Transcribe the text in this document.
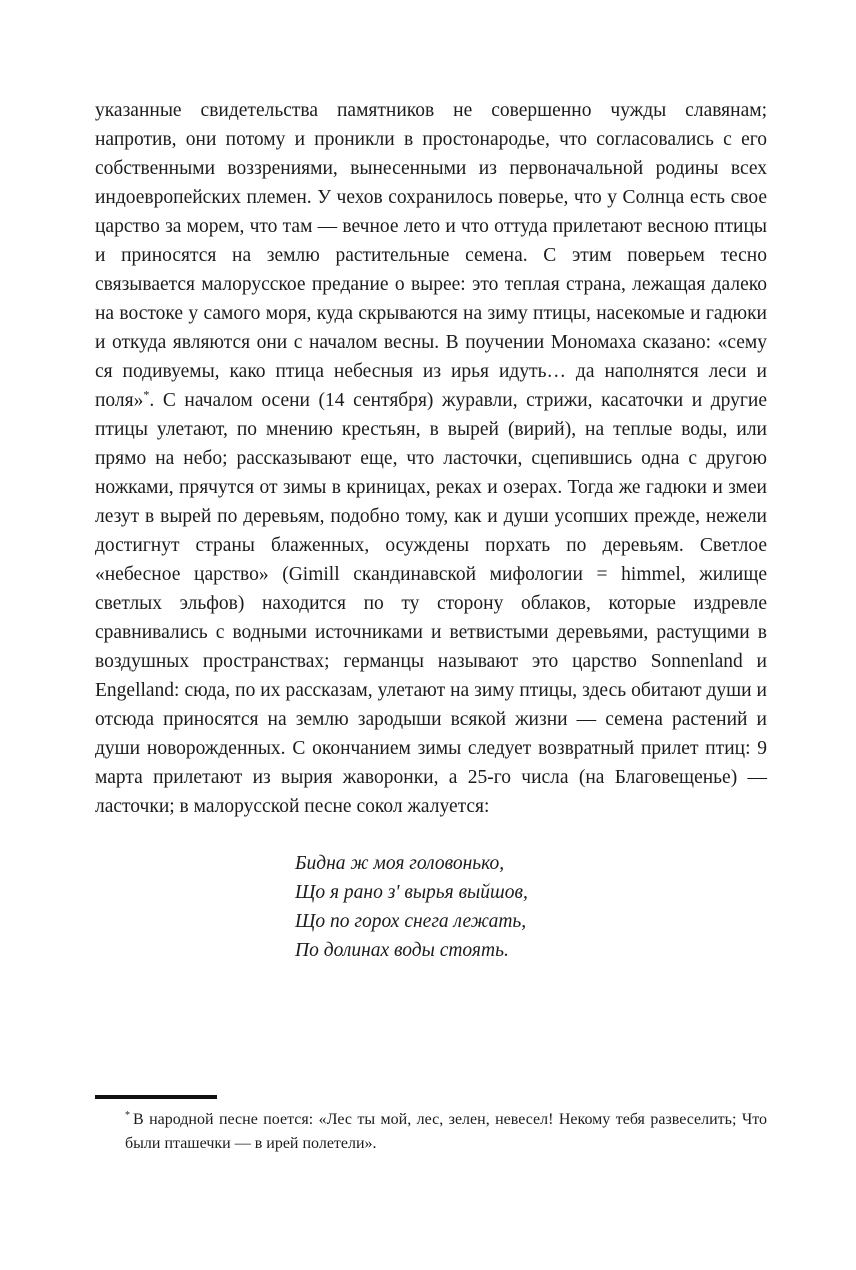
указанные свидетельства памятников не совершенно чужды славянам; напротив, они потому и проникли в простонародье, что согласовались с его собственными воззрениями, вынесенными из первоначальной родины всех индоевропейских племен. У чехов сохранилось поверье, что у Солнца есть свое царство за морем, что там — вечное лето и что оттуда прилетают весною птицы и приносятся на землю растительные семена. С этим поверьем тесно связывается малорусское предание о вырее: это теплая страна, лежащая далеко на востоке у самого моря, куда скрываются на зиму птицы, насекомые и гадюки и откуда являются они с началом весны. В поучении Мономаха сказано: «сему ся подивуемы, како птица небесныя из ирья идуть… да наполнятся леси и поля»*. С началом осени (14 сентября) журавли, стрижи, касаточки и другие птицы улетают, по мнению крестьян, в вырей (вирий), на теплые воды, или прямо на небо; рассказывают еще, что ласточки, сцепившись одна с другою ножками, прячутся от зимы в криницах, реках и озерах. Тогда же гадюки и змеи лезут в вырей по деревьям, подобно тому, как и души усопших прежде, нежели достигнут страны блаженных, осуждены порхать по деревьям. Светлое «небесное царство» (Gimill скандинавской мифологии = himmel, жилище светлых эльфов) находится по ту сторону облаков, которые издревле сравнивались с водными источниками и ветвистыми деревьями, растущими в воздушных пространствах; германцы называют это царство Sonnenland и Engelland: сюда, по их рассказам, улетают на зиму птицы, здесь обитают души и отсюда приносятся на землю зародыши всякой жизни — семена растений и души новорожденных. С окончанием зимы следует возвратный прилет птиц: 9 марта прилетают из вырия жаворонки, а 25-го числа (на Благовещенье) — ласточки; в малорусской песне сокол жалуется:

Бидна ж моя головонько,
Що я рано з' вырья выйшов,
Що по горох снега лежать,
По долинах воды стоять.

* В народной песне поется: «Лес ты мой, лес, зелен, невесел! Некому тебя развеселить; Что были пташечки — в ирей полетели».
